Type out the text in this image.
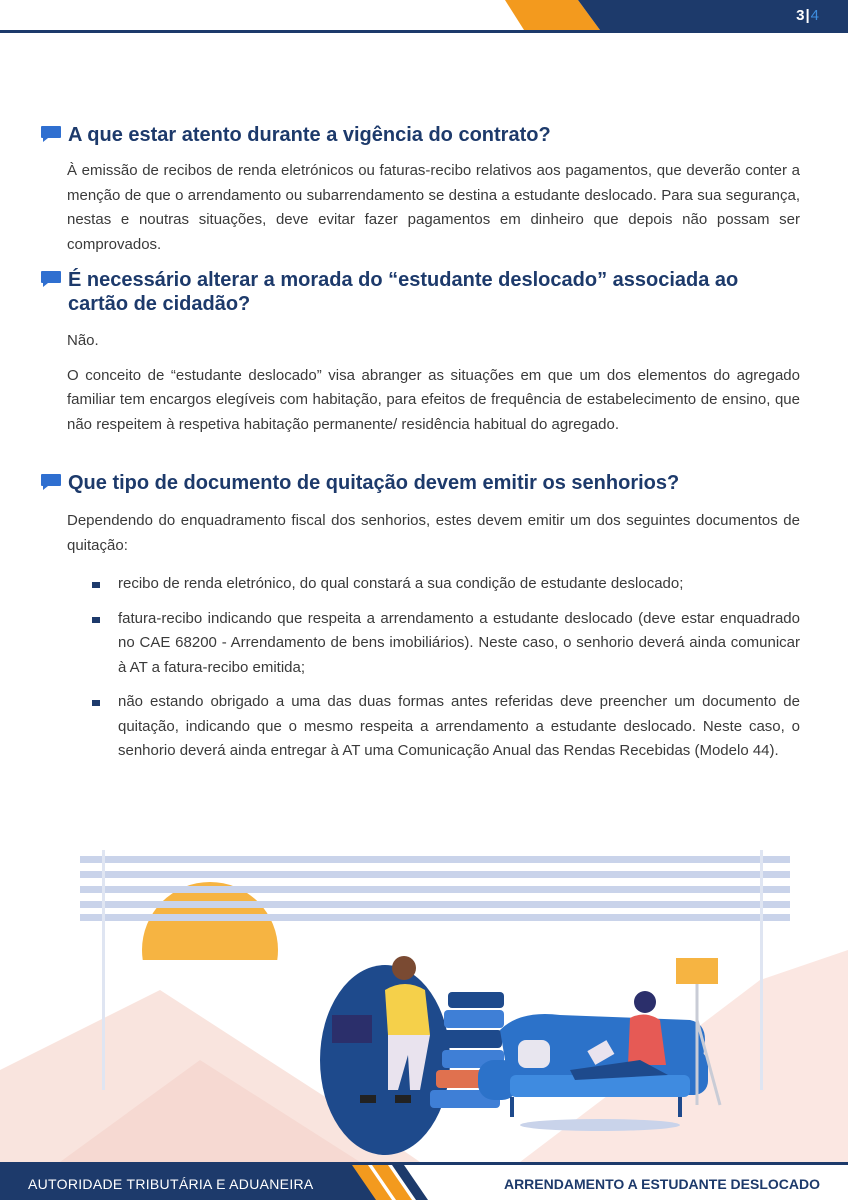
3|4
A que estar atento durante a vigência do contrato?
À emissão de recibos de renda eletrónicos ou faturas-recibo relativos aos pagamentos, que deverão conter a menção de que o arrendamento ou subarrendamento se destina a estudante deslocado. Para sua segurança, nestas e noutras situações, deve evitar fazer pagamentos em dinheiro que depois não possam ser comprovados.
É necessário alterar a morada do “estudante deslocado” associada ao cartão de cidadão?
Não.
O conceito de “estudante deslocado” visa abranger as situações em que um dos elementos do agregado familiar tem encargos elegíveis com habitação, para efeitos de frequência de estabelecimento de ensino, que não respeitem à respetiva habitação permanente/ residência habitual do agregado.
Que tipo de documento de quitação devem emitir os senhorios?
Dependendo do enquadramento fiscal dos senhorios, estes devem emitir um dos seguintes documentos de quitação:
recibo de renda eletrónico, do qual constará a sua condição de estudante deslocado;
fatura-recibo indicando que respeita a arrendamento a estudante deslocado (deve estar enquadrado no CAE 68200 - Arrendamento de bens imobiliários). Neste caso, o senhorio deverá ainda comunicar à AT a fatura-recibo emitida;
não estando obrigado a uma das duas formas antes referidas deve preencher um documento de quitação, indicando que o mesmo respeita a arrendamento a estudante deslocado. Neste caso, o senhorio deverá ainda entregar à AT uma Comunicação Anual das Rendas Recebidas (Modelo 44).
AUTORIDADE TRIBUTÁRIA E ADUANEIRA	ARRENDAMENTO A ESTUDANTE DESLOCADO
